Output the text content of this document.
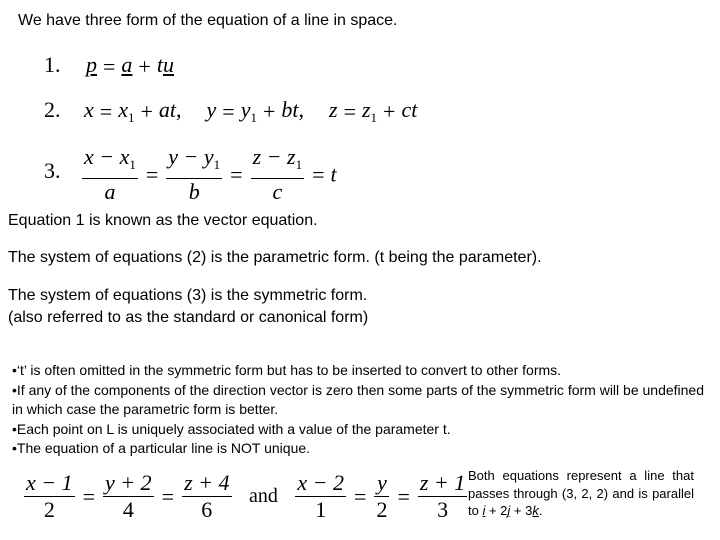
We have three form of the equation of a line in space.
1. p = a + tu
2. $x = x_1$ + at, $y = y_1$ + bt, $z = z_1$ + ct
3. $\frac{x - x_1}{a} = \frac{y - y_1}{b} = \frac{z - z_1}{c} = t$
Equation 1 is known as the vector equation.
The system of equations (2) is the parametric form. (t being the parameter).
The system of equations (3) is the symmetric form.
(also referred to as the standard or canonical form)
•‘t’ is often omitted in the symmetric form but has to be inserted to convert to other forms.
•If any of the components of the direction vector is zero then some parts of the symmetric form will be undefined in which case the parametric form is better.
•Each point on L is uniquely associated with a value of the parameter t.
•The equation of a particular line is NOT unique.
$\frac{x - 1}{2} = \frac{y + 2}{4} = \frac{z + 4}{6}$ and $\frac{x - 2}{1} = \frac{y}{2} = \frac{z + 1}{3}$ Both equations represent a line that passes through (3, 2, 2) and is parallel to i + 2j + 3k.
